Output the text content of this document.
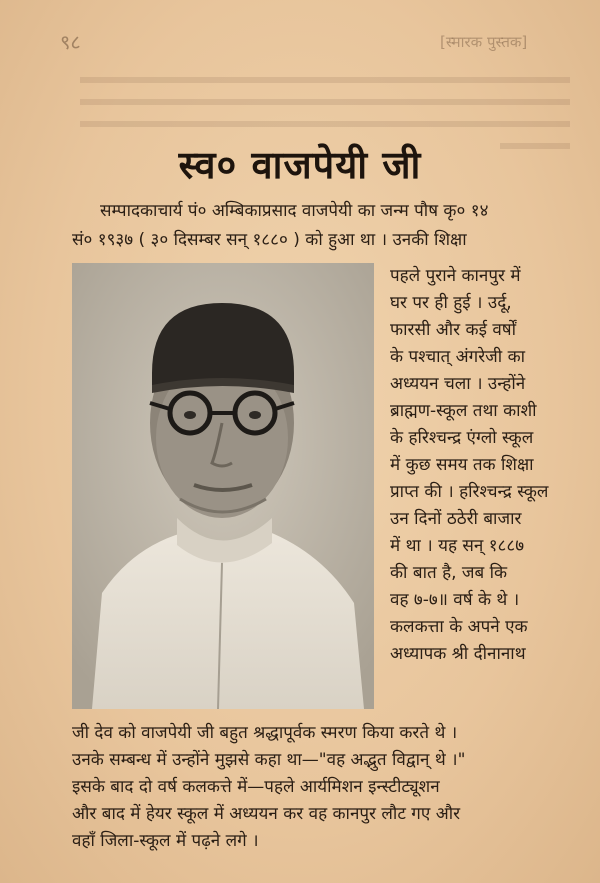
९८	[स्मारक पुस्तक]
स्व० वाजपेयी जी
सम्पादकाचार्य पं० अम्बिकाप्रसाद वाजपेयी का जन्म पौष कृ० १४
सं० १९३७ ( ३० दिसम्बर सन् १८८० ) को हुआ था । उनकी शिक्षा
पहले पुराने कानपुर में
घर पर ही हुई । उर्दू,
फारसी और कई वर्षों
के पश्चात् अंगरेजी का
अध्ययन चला । उन्होंने
ब्राह्मण-स्कूल तथा काशी
के हरिश्चन्द्र एंग्लो स्कूल
में कुछ समय तक शिक्षा
प्राप्त की । हरिश्चन्द्र स्कूल
उन दिनों ठठेरी बाजार
में था । यह सन् १८८७
की बात है, जब कि
वह ७-७॥ वर्ष के थे ।
कलकत्ता के अपने एक
अध्यापक श्री दीनानाथ
जी देव को वाजपेयी जी बहुत श्रद्धापूर्वक स्मरण किया करते थे ।
उनके सम्बन्ध में उन्होंने मुझसे कहा था—"वह अद्भुत विद्वान् थे ।"
इसके बाद दो वर्ष कलकत्ते में—पहले आर्यमिशन इन्स्टीट्यूशन
और बाद में हेयर स्कूल में अध्ययन कर वह कानपुर लौट गए और
वहाँ जिला-स्कूल में पढ़ने लगे ।
